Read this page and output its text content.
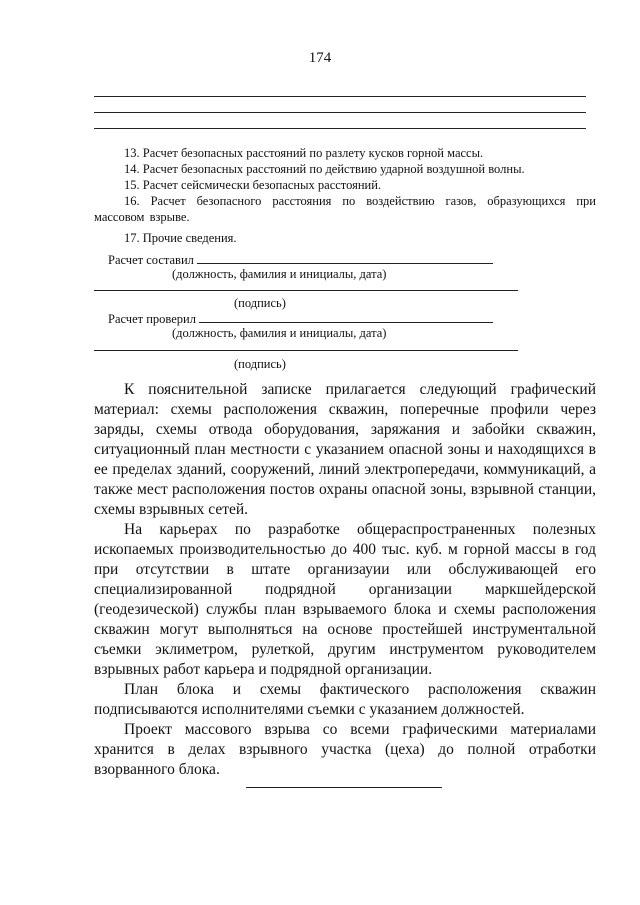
174
13. Расчет безопасных расстояний по разлету кусков горной массы.
14. Расчет безопасных расстояний по действию ударной воздушной волны.
15. Расчет сейсмически безопасных расстояний.
16. Расчет безопасного расстояния по воздействию газов, образующихся при массовом взрыве.
17. Прочие сведения.
Расчет составил
(должность, фамилия и инициалы, дата)
(подпись)
Расчет проверил
(должность, фамилия и инициалы, дата)
(подпись)

К пояснительной записке прилагается следующий графический материал: схемы расположения скважин, поперечные профили через заряды, схемы отвода оборудования, заряжания и забойки скважин, ситуационный план местности с указанием опасной зоны и находящихся в ее пределах зданий, сооружений, линий электропередачи, коммуникаций, а также мест расположения постов охраны опасной зоны, взрывной станции, схемы взрывных сетей.

На карьерах по разработке общераспространенных полезных ископаемых производительностью до 400 тыс. куб. м горной массы в год при отсутствии в штате организауии или обслуживающей его специализированной подрядной организации маркшейдерской (геодезической) службы план взрываемого блока и схемы расположения скважин могут выполняться на основе простейшей инструментальной съемки эклиметром, рулеткой, другим инструментом руководителем взрывных работ карьера и подрядной организации.

План блока и схемы фактического расположения скважин подписываются исполнителями съемки с указанием должностей.

Проект массового взрыва со всеми графическими материалами хранится в делах взрывного участка (цеха) до полной отработки взорванного блока.
